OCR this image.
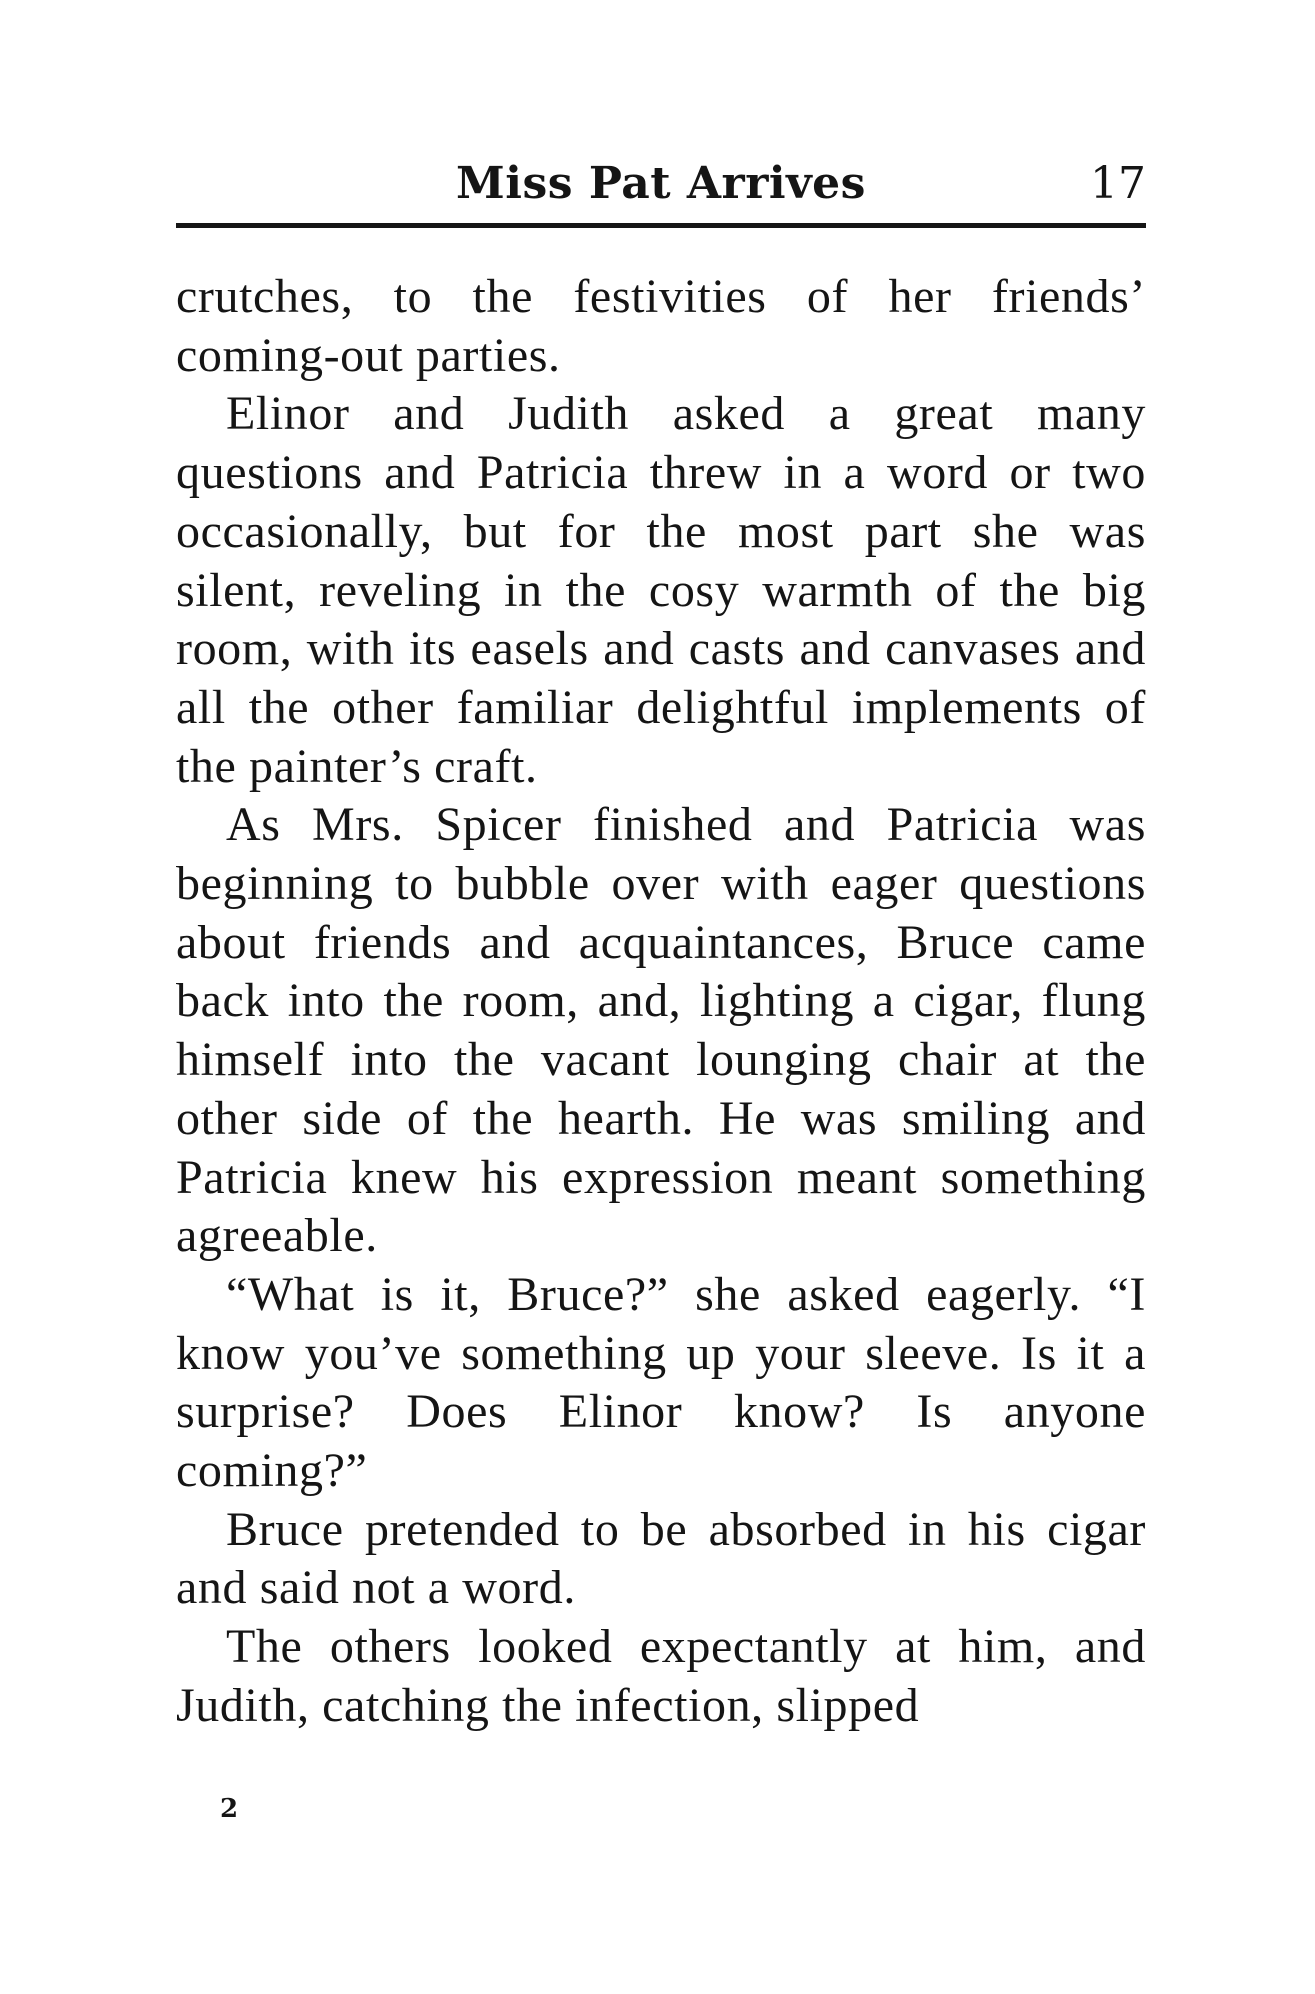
Miss Pat Arrives	17

crutches, to the festivities of her friends’ coming-out parties.

Elinor and Judith asked a great many questions and Patricia threw in a word or two occasionally, but for the most part she was silent, reveling in the cosy warmth of the big room, with its easels and casts and canvases and all the other familiar delightful implements of the painter’s craft.

As Mrs. Spicer finished and Patricia was beginning to bubble over with eager questions about friends and acquaintances, Bruce came back into the room, and, lighting a cigar, flung himself into the vacant lounging chair at the other side of the hearth. He was smiling and Patricia knew his expression meant something agreeable.

“What is it, Bruce?” she asked eagerly. “I know you’ve something up your sleeve. Is it a surprise? Does Elinor know? Is anyone coming?”

Bruce pretended to be absorbed in his cigar and said not a word.

The others looked expectantly at him, and Judith, catching the infection, slipped

2
